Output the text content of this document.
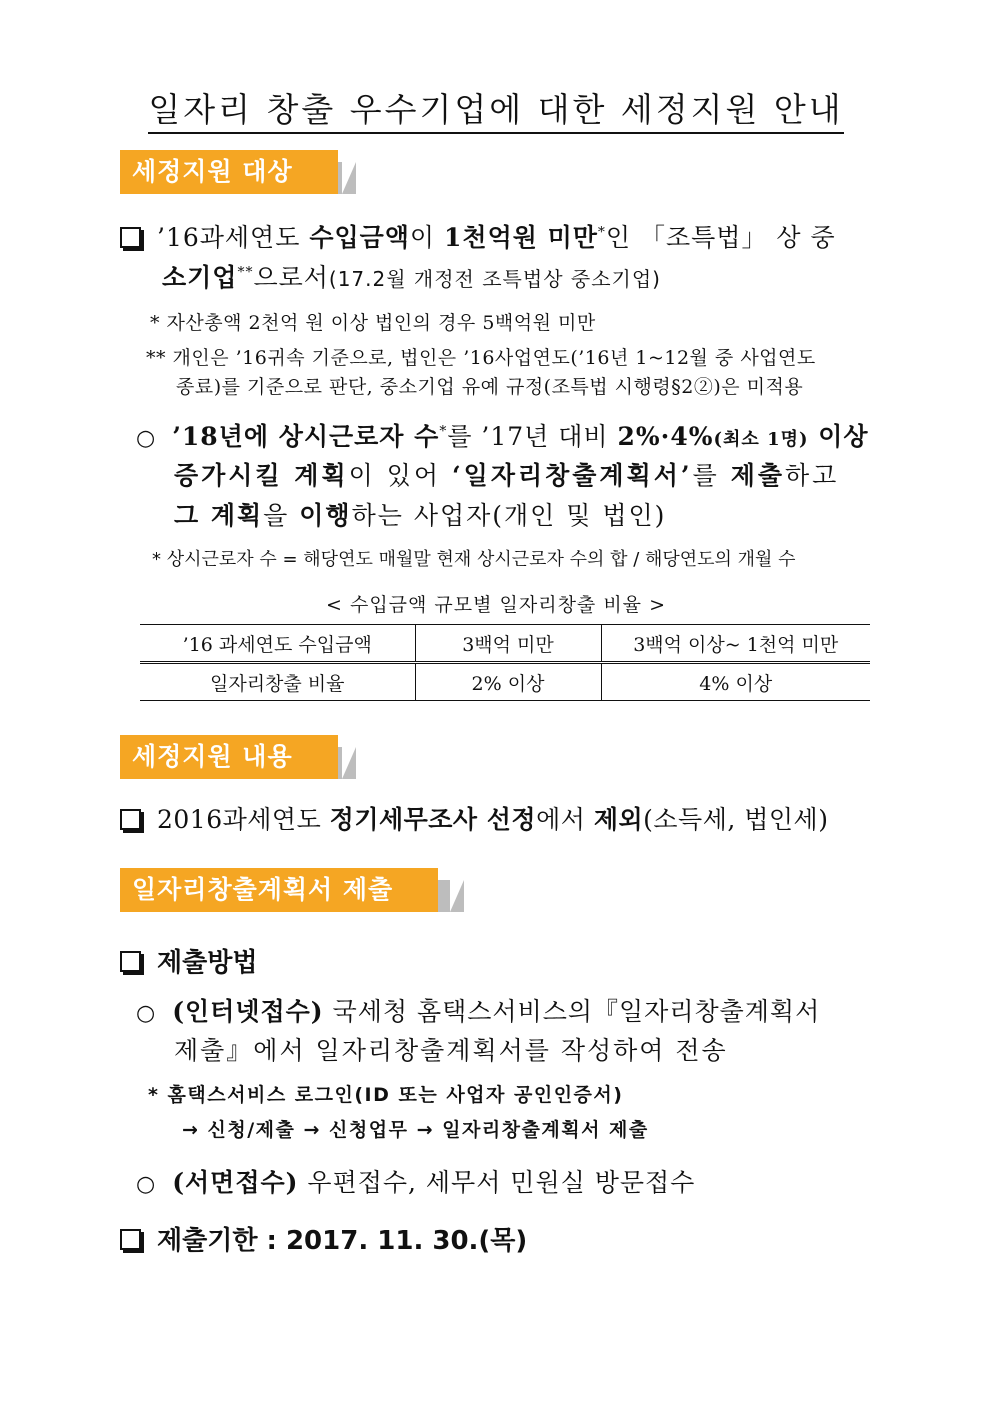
일자리 창출 우수기업에 대한 세정지원 안내
세정지원 대상
’16과세연도 수입금액이 1천억원 미만*인 「조특법」 상 중
소기업**으로서(17.2월 개정전 조특법상 중소기업)
* 자산총액 2천억 원 이상 법인의 경우 5백억원 미만
** 개인은 ’16귀속 기준으로, 법인은 ’16사업연도(’16년 1~12월 중 사업연도
종료)를 기준으로 판단, 중소기업 유예 규정(조특법 시행령§2②)은 미적용
○ ’18년에 상시근로자 수*를 ’17년 대비 2%·4%(최소 1명) 이상
증가시킬 계획이 있어 ‘일자리창출계획서’를 제출하고
그 계획을 이행하는 사업자(개인 및 법인)
* 상시근로자 수 = 해당연도 매월말 현재 상시근로자 수의 합 / 해당연도의 개월 수
< 수입금액 규모별 일자리창출 비율 >
’16 과세연도 수입금액	3백억 미만	3백억 이상~ 1천억 미만
일자리창출 비율	2% 이상	4% 이상
세정지원 내용
2016과세연도 정기세무조사 선정에서 제외(소득세, 법인세)
일자리창출계획서 제출
제출방법
○ (인터넷접수) 국세청 홈택스서비스의『일자리창출계획서
제출』에서 일자리창출계획서를 작성하여 전송
* 홈택스서비스 로그인(ID 또는 사업자 공인인증서)
→ 신청/제출 → 신청업무 → 일자리창출계획서 제출
○ (서면접수) 우편접수, 세무서 민원실 방문접수
제출기한 : 2017. 11. 30.(목)
